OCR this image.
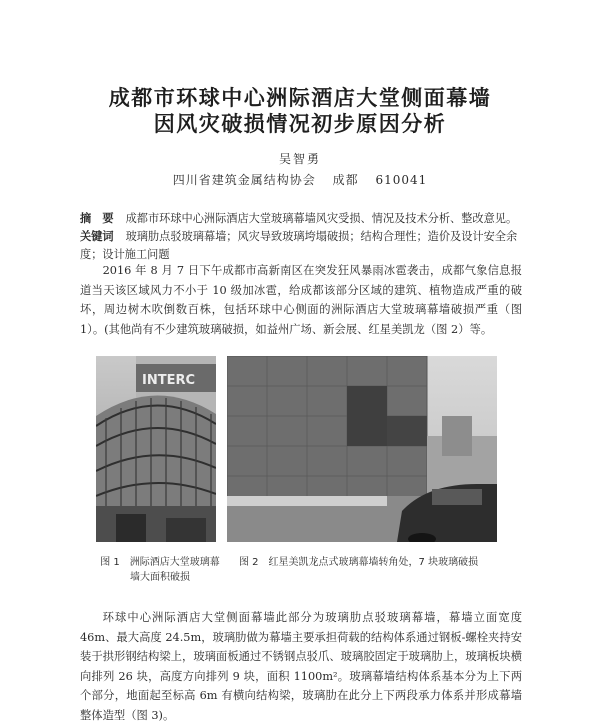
成都市环球中心洲际酒店大堂侧面幕墙
因风灾破损情况初步原因分析
吴智勇
四川省建筑金属结构协会 成都 610041
摘　要 成都市环球中心洲际酒店大堂玻璃幕墙风灾受损、情况及技术分析、整改意见。
关键词 玻璃肋点驳玻璃幕墙；风灾导致玻璃垮塌破损；结构合理性；造价及设计安全余度；设计施工问题
2016 年 8 月 7 日下午成都市高新南区在突发狂风暴雨冰雹袭击，成都气象信息报道当天该区域风力不小于 10 级加冰雹，给成都该部分区域的建筑、植物造成严重的破坏，周边树木吹倒数百株，包括环球中心侧面的洲际酒店大堂玻璃幕墙破损严重（图 1）。(其他尚有不少建筑玻璃破损，如益州广场、新会展、红星美凯龙（图 2）等。
INTERC
图 1　洲际酒店大堂玻璃幕墙大面积破损
图 2　红星美凯龙点式玻璃幕墙转角处，7 块玻璃破损
环球中心洲际酒店大堂侧面幕墙此部分为玻璃肋点驳玻璃幕墙，幕墙立面宽度 46m、最大高度 24.5m，玻璃肋做为幕墙主要承担荷载的结构体系通过钢板-螺栓夹持安装于拱形钢结构梁上，玻璃面板通过不锈钢点驳爪、玻璃胶固定于玻璃肋上，玻璃板块横向排列 26 块，高度方向排列 9 块，面积 1100m²。玻璃幕墙结构体系基本分为上下两个部分，地面起至标高 6m 有横向结构梁，玻璃肋在此分上下两段承力体系并形成幕墙整体造型（图 3)。
